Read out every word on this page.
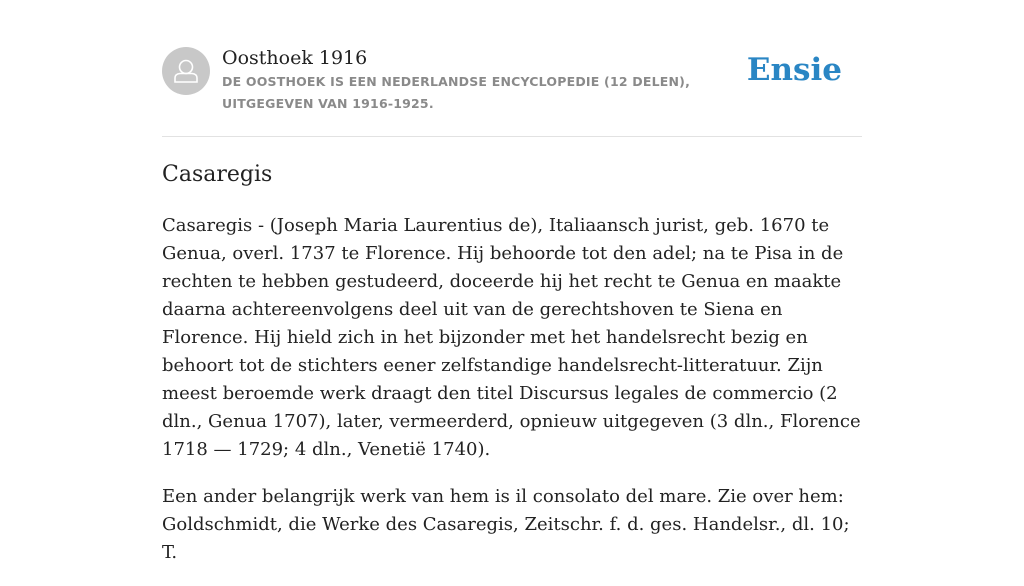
Oosthoek 1916
DE OOSTHOEK IS EEN NEDERLANDSE ENCYCLOPEDIE (12 DELEN), UITGEGEVEN VAN 1916-1925.
Ensie
Casaregis

Casaregis - (Joseph Maria Laurentius de), Italiaansch jurist, geb. 1670 te Genua, overl. 1737 te Florence. Hij behoorde tot den adel; na te Pisa in de rechten te hebben gestudeerd, doceerde hij het recht te Genua en maakte daarna achtereenvolgens deel uit van de gerechtshoven te Siena en Florence. Hij hield zich in het bijzonder met het handelsrecht bezig en behoort tot de stichters eener zelfstandige handelsrecht-litteratuur. Zijn meest beroemde werk draagt den titel Discursus legales de commercio (2 dln., Genua 1707), later, vermeerderd, opnieuw uitgegeven (3 dln., Florence 1718 — 1729; 4 dln., Venetië 1740).

Een ander belangrijk werk van hem is il consolato del mare. Zie over hem: Goldschmidt, die Werke des Casaregis, Zeitschr. f. d. ges. Handelsr., dl. 10; T.
